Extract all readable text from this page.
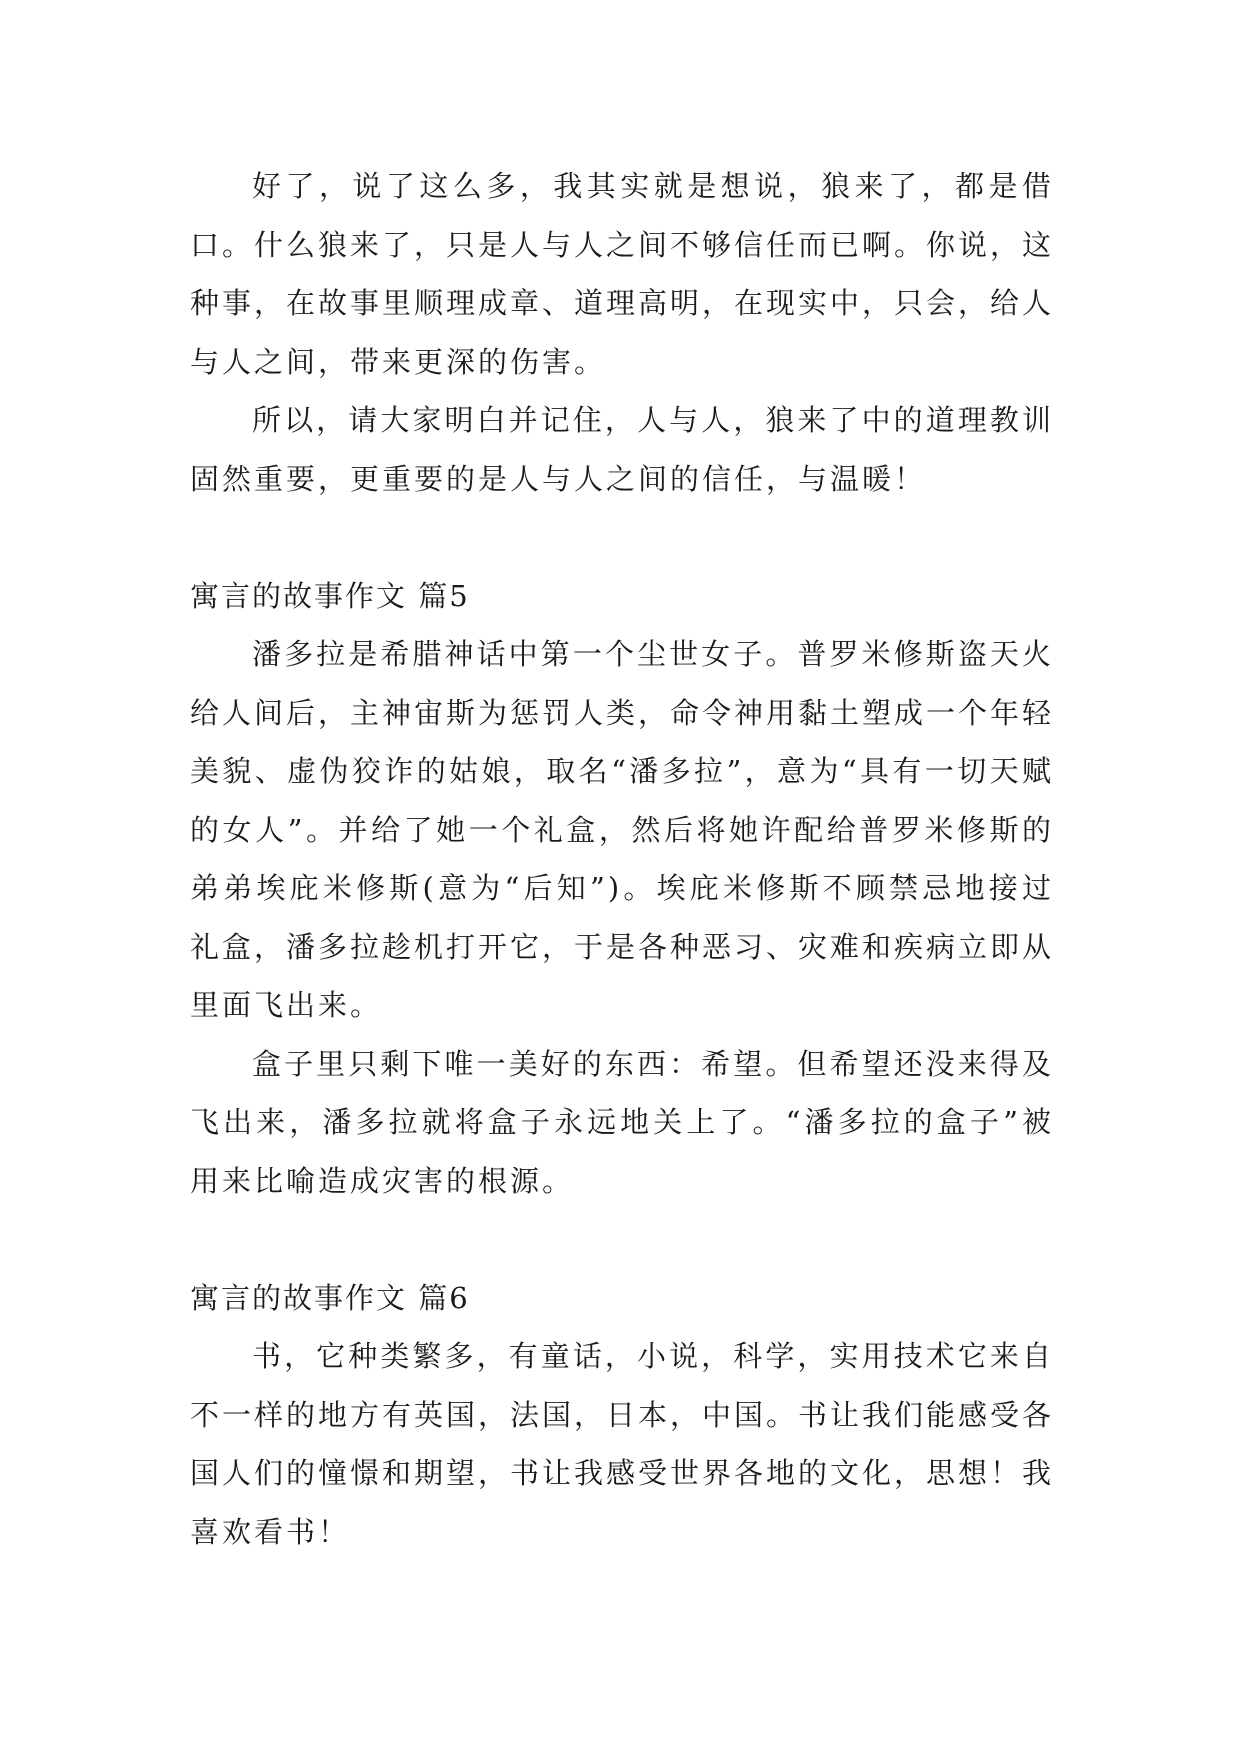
好了，说了这么多，我其实就是想说，狼来了，都是借口。什么狼来了，只是人与人之间不够信任而已啊。你说，这种事，在故事里顺理成章、道理高明，在现实中，只会，给人与人之间，带来更深的伤害。

所以，请大家明白并记住，人与人，狼来了中的道理教训固然重要，更重要的是人与人之间的信任，与温暖！

寓言的故事作文 篇5

潘多拉是希腊神话中第一个尘世女子。普罗米修斯盗天火给人间后，主神宙斯为惩罚人类，命令神用黏土塑成一个年轻美貌、虚伪狡诈的姑娘，取名“潘多拉”，意为“具有一切天赋的女人”。并给了她一个礼盒，然后将她许配给普罗米修斯的弟弟埃庇米修斯(意为“后知”)。埃庇米修斯不顾禁忌地接过礼盒，潘多拉趁机打开它，于是各种恶习、灾难和疾病立即从里面飞出来。

盒子里只剩下唯一美好的东西：希望。但希望还没来得及飞出来，潘多拉就将盒子永远地关上了。“潘多拉的盒子”被用来比喻造成灾害的根源。

寓言的故事作文 篇6

书，它种类繁多，有童话，小说，科学，实用技术它来自不一样的地方有英国，法国，日本，中国。书让我们能感受各国人们的憧憬和期望，书让我感受世界各地的文化，思想！我喜欢看书！
